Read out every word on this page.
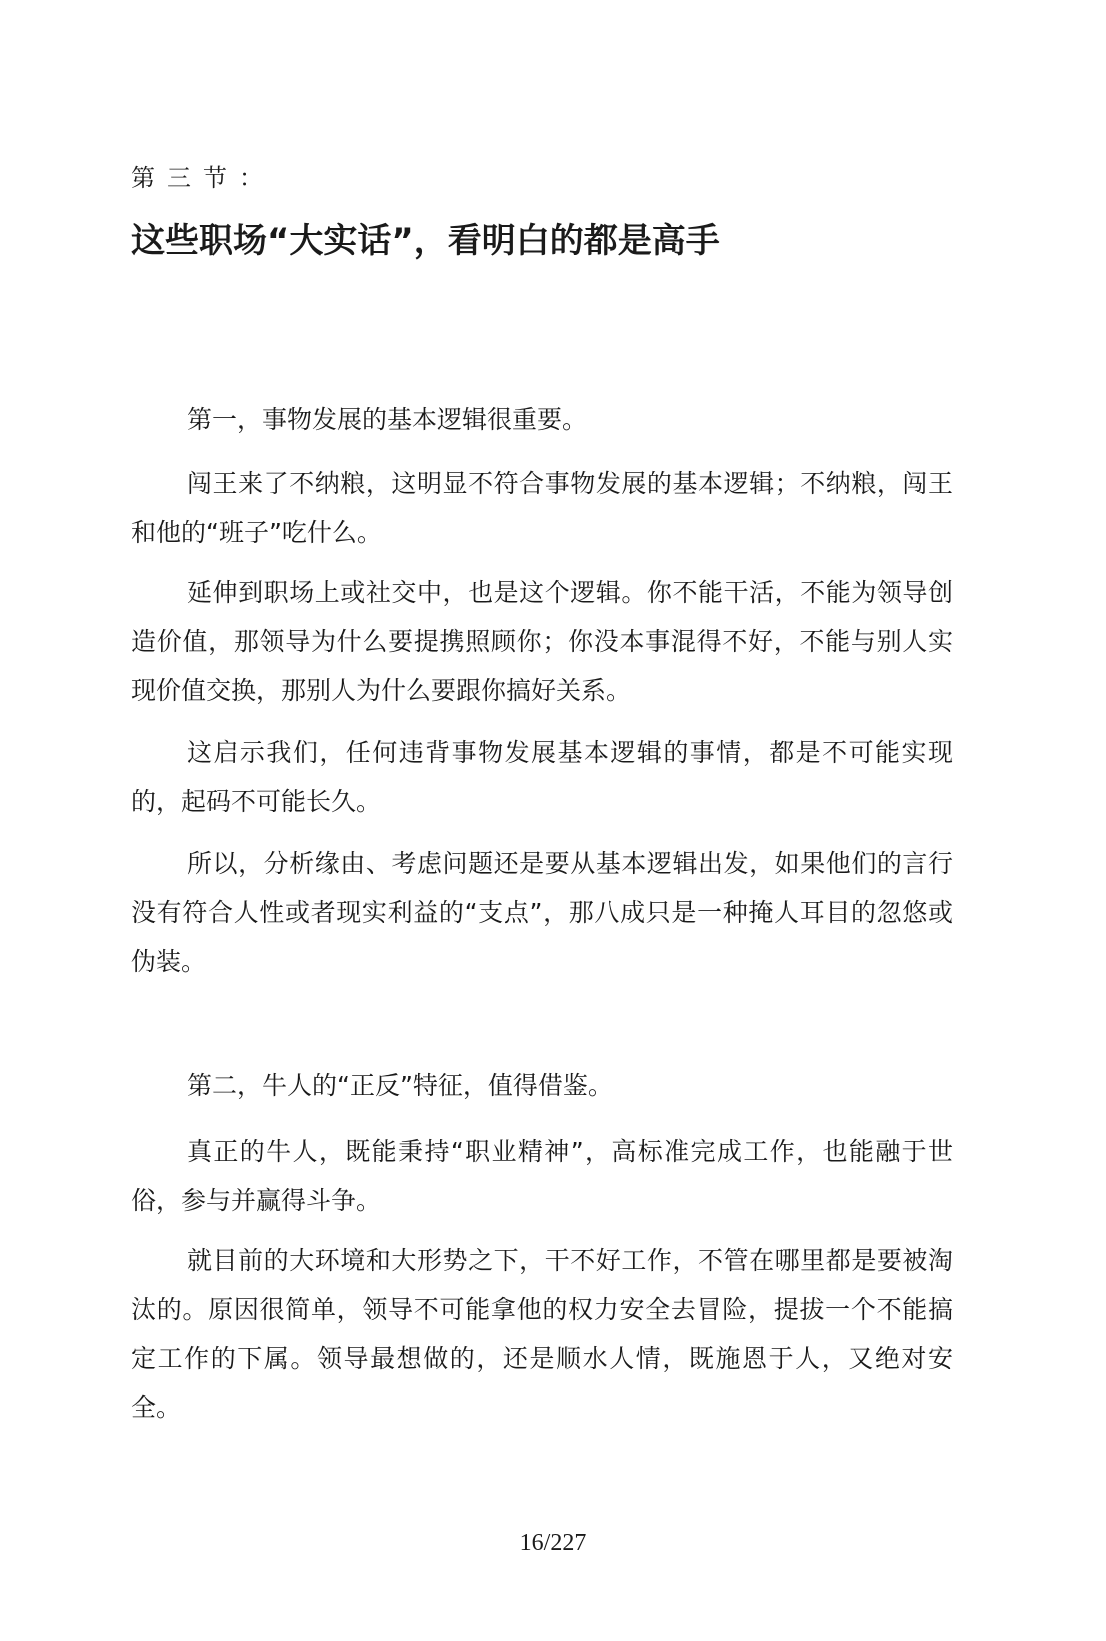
第三节：
这些职场“大实话”，看明白的都是高手

第一，事物发展的基本逻辑很重要。

闯王来了不纳粮，这明显不符合事物发展的基本逻辑；不纳粮，闯王和他的“班子”吃什么。

延伸到职场上或社交中，也是这个逻辑。你不能干活，不能为领导创造价值，那领导为什么要提携照顾你；你没本事混得不好，不能与别人实现价值交换，那别人为什么要跟你搞好关系。

这启示我们，任何违背事物发展基本逻辑的事情，都是不可能实现的，起码不可能长久。

所以，分析缘由、考虑问题还是要从基本逻辑出发，如果他们的言行没有符合人性或者现实利益的“支点”，那八成只是一种掩人耳目的忽悠或伪装。

第二，牛人的“正反”特征，值得借鉴。

真正的牛人，既能秉持“职业精神”，高标准完成工作，也能融于世俗，参与并赢得斗争。

就目前的大环境和大形势之下，干不好工作，不管在哪里都是要被淘汰的。原因很简单，领导不可能拿他的权力安全去冒险，提拔一个不能搞定工作的下属。领导最想做的，还是顺水人情，既施恩于人，又绝对安全。

16/227
